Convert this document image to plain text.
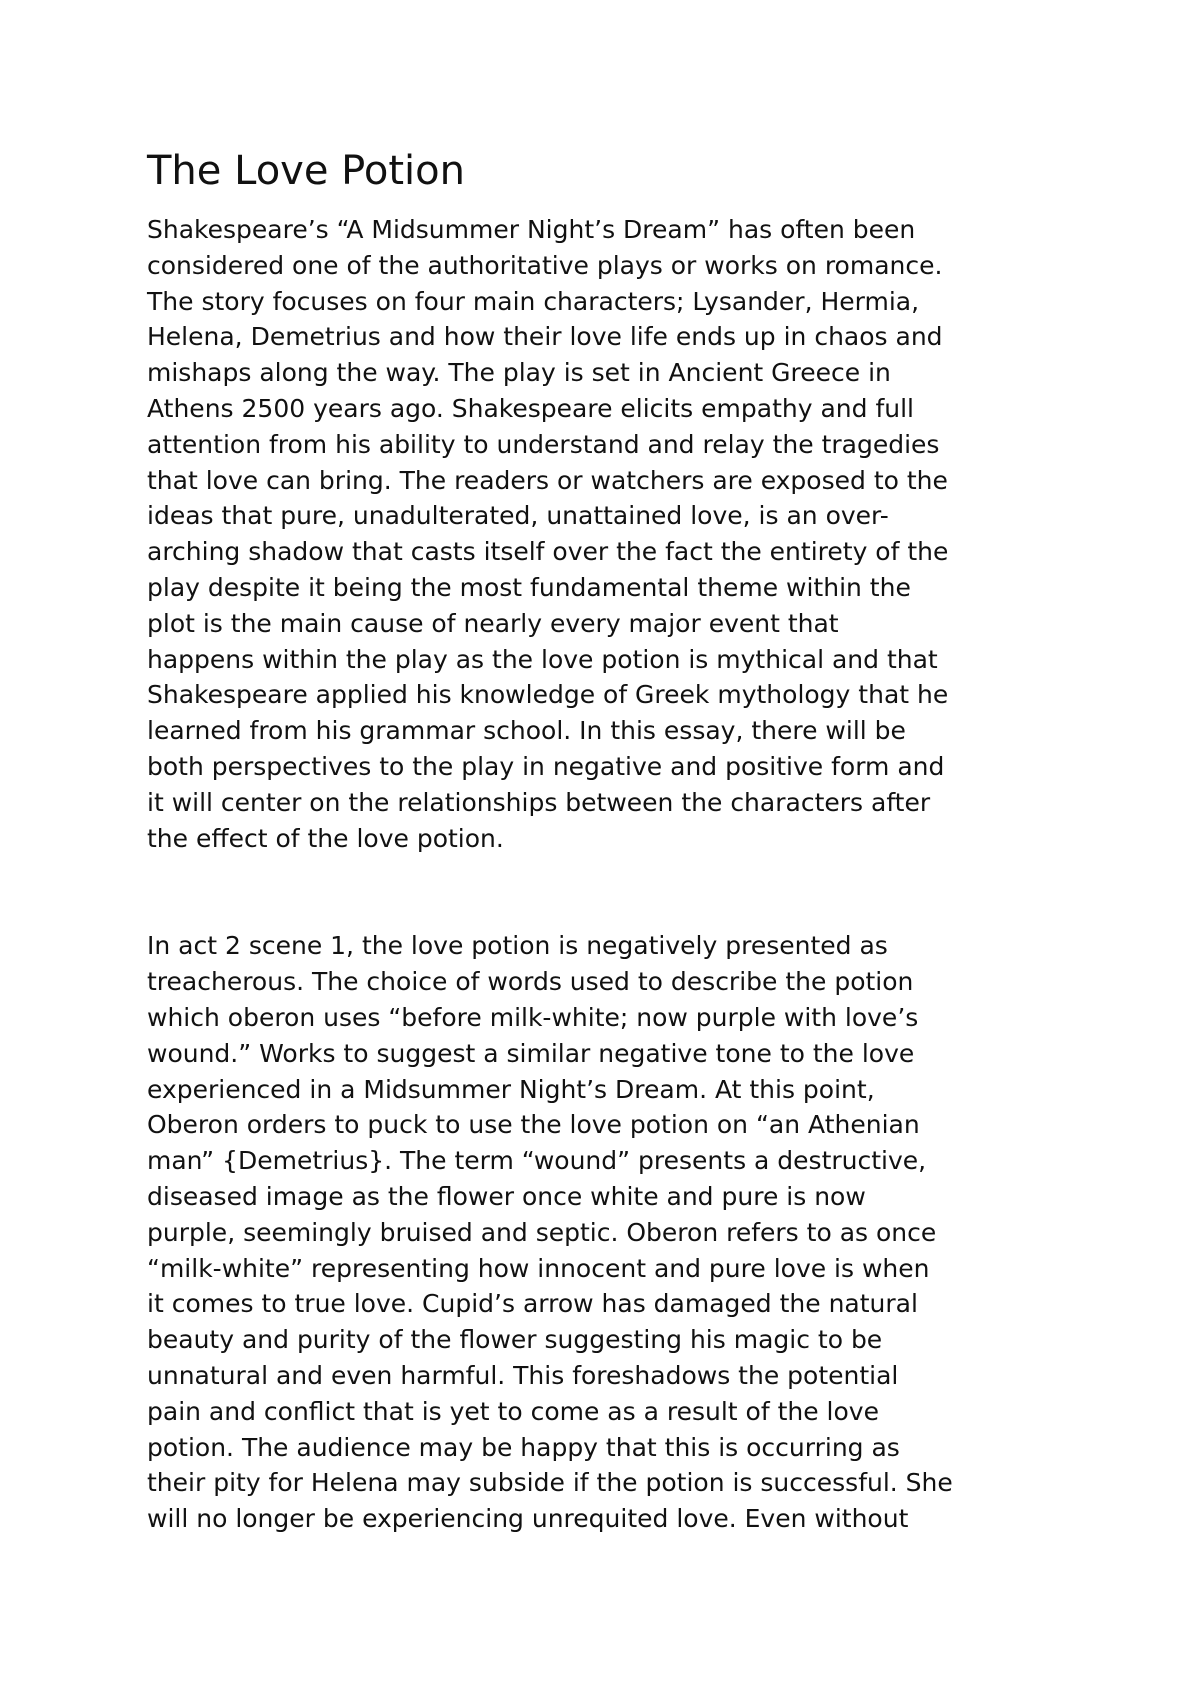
The Love Potion

Shakespeare’s “A Midsummer Night’s Dream” has often been
considered one of the authoritative plays or works on romance.
The story focuses on four main characters; Lysander, Hermia,
Helena, Demetrius and how their love life ends up in chaos and
mishaps along the way. The play is set in Ancient Greece in
Athens 2500 years ago. Shakespeare elicits empathy and full
attention from his ability to understand and relay the tragedies
that love can bring. The readers or watchers are exposed to the
ideas that pure, unadulterated, unattained love, is an over-
arching shadow that casts itself over the fact the entirety of the
play despite it being the most fundamental theme within the
plot is the main cause of nearly every major event that
happens within the play as the love potion is mythical and that
Shakespeare applied his knowledge of Greek mythology that he
learned from his grammar school. In this essay, there will be
both perspectives to the play in negative and positive form and
it will center on the relationships between the characters after
the effect of the love potion.

In act 2 scene 1, the love potion is negatively presented as
treacherous. The choice of words used to describe the potion
which oberon uses “before milk-white; now purple with love’s
wound.” Works to suggest a similar negative tone to the love
experienced in a Midsummer Night’s Dream. At this point,
Oberon orders to puck to use the love potion on “an Athenian
man” {Demetrius}. The term “wound” presents a destructive,
diseased image as the flower once white and pure is now
purple, seemingly bruised and septic. Oberon refers to as once
“milk-white” representing how innocent and pure love is when
it comes to true love. Cupid’s arrow has damaged the natural
beauty and purity of the flower suggesting his magic to be
unnatural and even harmful. This foreshadows the potential
pain and conflict that is yet to come as a result of the love
potion. The audience may be happy that this is occurring as
their pity for Helena may subside if the potion is successful. She
will no longer be experiencing unrequited love. Even without
